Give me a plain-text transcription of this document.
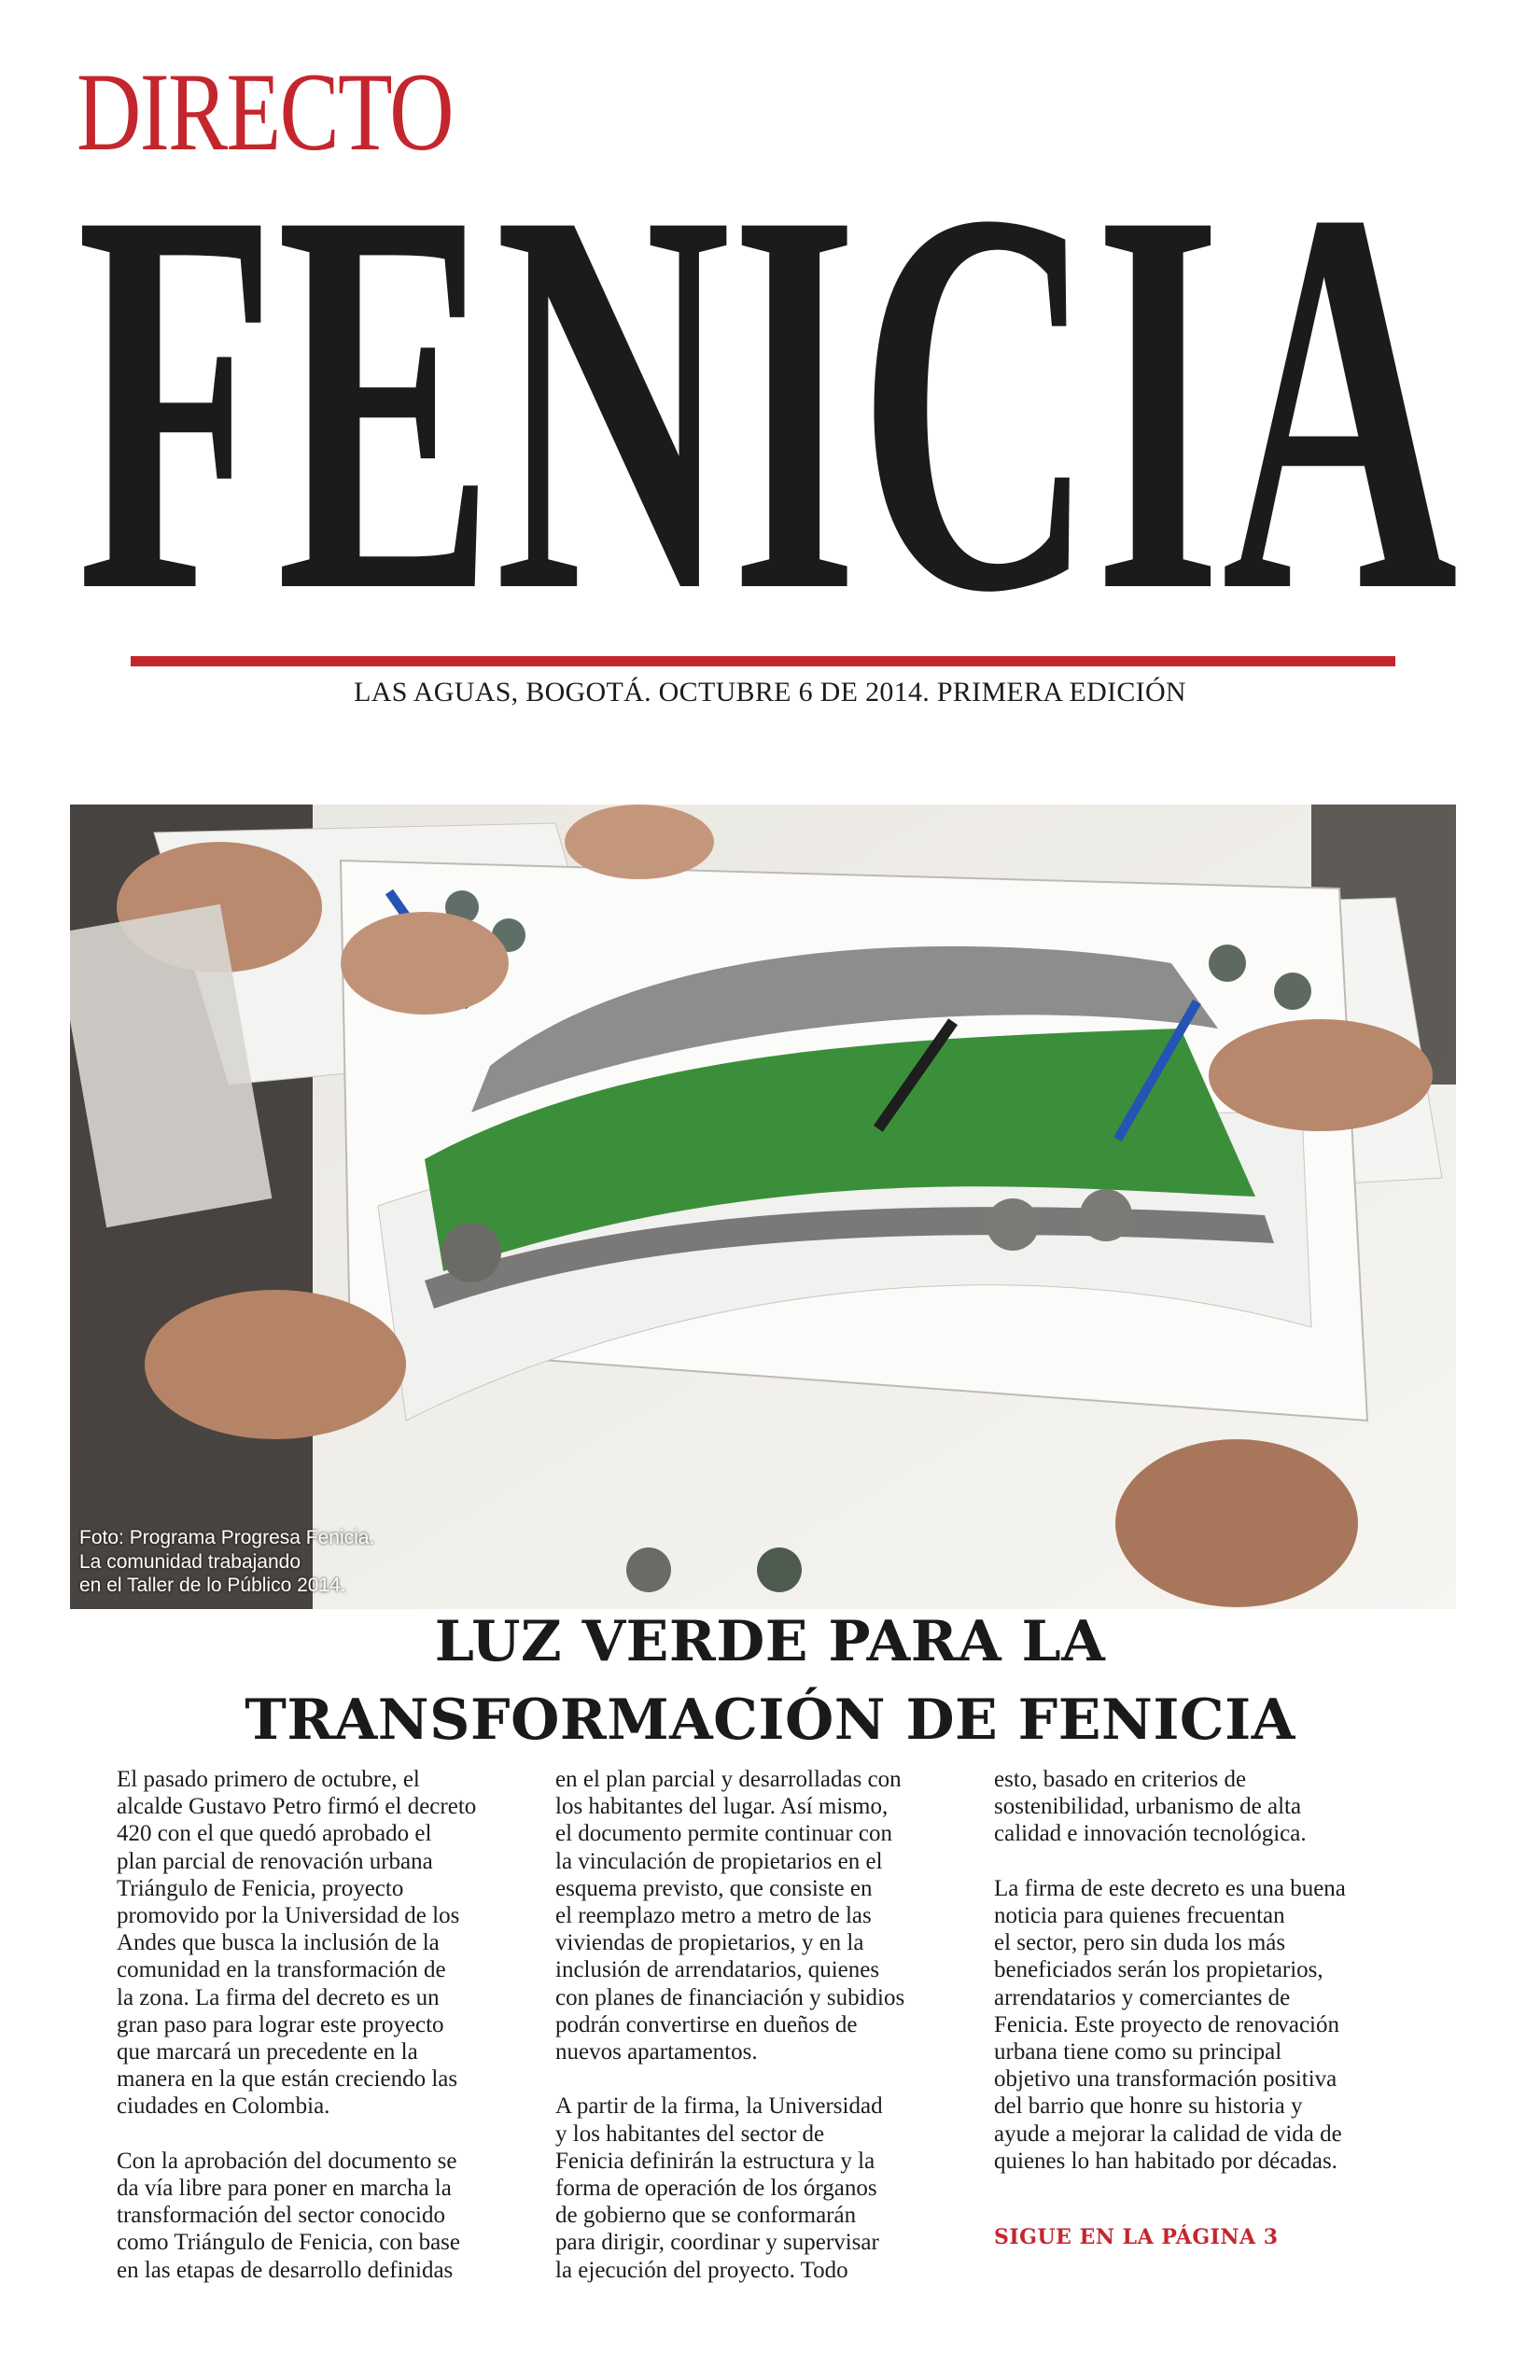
DIRECTO
FENICIA
LAS AGUAS, BOGOTÁ. OCTUBRE 6 DE 2014. PRIMERA EDICIÓN
Foto: Programa Progresa Fenicia.
La comunidad trabajando
en el Taller de lo Público 2014.
LUZ VERDE PARA LA
TRANSFORMACIÓN DE FENICIA

El pasado primero de octubre, el
alcalde Gustavo Petro firmó el decreto
420 con el que quedó aprobado el
plan parcial de renovación urbana
Triángulo de Fenicia, proyecto
promovido por la Universidad de los
Andes que busca la inclusión de la
comunidad en la transformación de
la zona. La firma del decreto es un
gran paso para lograr este proyecto
que marcará un precedente en la
manera en la que están creciendo las
ciudades en Colombia.

Con la aprobación del documento se
da vía libre para poner en marcha la
transformación del sector conocido
como Triángulo de Fenicia, con base
en las etapas de desarrollo definidas

en el plan parcial y desarrolladas con
los habitantes del lugar. Así mismo,
el documento permite continuar con
la vinculación de propietarios en el
esquema previsto, que consiste en
el reemplazo metro a metro de las
viviendas de propietarios, y en la
inclusión de arrendatarios, quienes
con planes de financiación y subidios
podrán convertirse en dueños de
nuevos apartamentos.

A partir de la firma, la Universidad
y los habitantes del sector de
Fenicia definirán la estructura y la
forma de operación de los órganos
de gobierno que se conformarán
para dirigir, coordinar y supervisar
la ejecución del proyecto. Todo

esto, basado en criterios de
sostenibilidad, urbanismo de alta
calidad e innovación tecnológica.

La firma de este decreto es una buena
noticia para quienes frecuentan
el sector, pero sin duda los más
beneficiados serán los propietarios,
arrendatarios y comerciantes de
Fenicia. Este proyecto de renovación
urbana tiene como su principal
objetivo una transformación positiva
del barrio que honre su historia y
ayude a mejorar la calidad de vida de
quienes lo han habitado por décadas.

SIGUE EN LA PÁGINA 3
